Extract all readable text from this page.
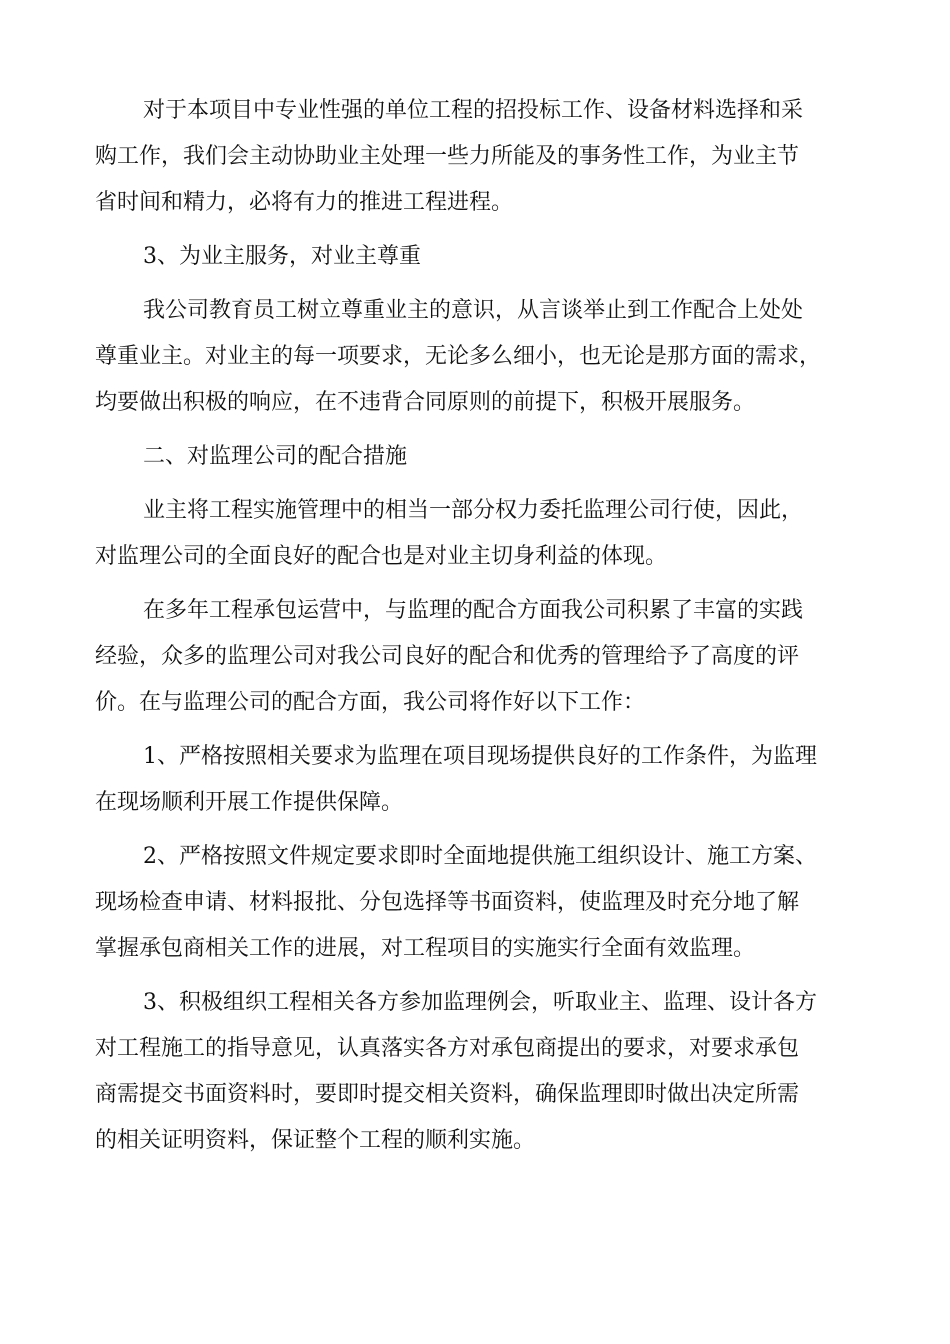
对于本项目中专业性强的单位工程的招投标工作、设备材料选择和采
购工作，我们会主动协助业主处理一些力所能及的事务性工作，为业主节
省时间和精力，必将有力的推进工程进程。

3、为业主服务，对业主尊重

我公司教育员工树立尊重业主的意识，从言谈举止到工作配合上处处
尊重业主。对业主的每一项要求，无论多么细小，也无论是那方面的需求，
均要做出积极的响应，在不违背合同原则的前提下，积极开展服务。

二、对监理公司的配合措施

业主将工程实施管理中的相当一部分权力委托监理公司行使，因此，
对监理公司的全面良好的配合也是对业主切身利益的体现。

在多年工程承包运营中，与监理的配合方面我公司积累了丰富的实践
经验，众多的监理公司对我公司良好的配合和优秀的管理给予了高度的评
价。在与监理公司的配合方面，我公司将作好以下工作：

1、严格按照相关要求为监理在项目现场提供良好的工作条件，为监理
在现场顺利开展工作提供保障。

2、严格按照文件规定要求即时全面地提供施工组织设计、施工方案、
现场检查申请、材料报批、分包选择等书面资料，使监理及时充分地了解
掌握承包商相关工作的进展，对工程项目的实施实行全面有效监理。

3、积极组织工程相关各方参加监理例会，听取业主、监理、设计各方
对工程施工的指导意见，认真落实各方对承包商提出的要求，对要求承包
商需提交书面资料时，要即时提交相关资料，确保监理即时做出决定所需
的相关证明资料，保证整个工程的顺利实施。
